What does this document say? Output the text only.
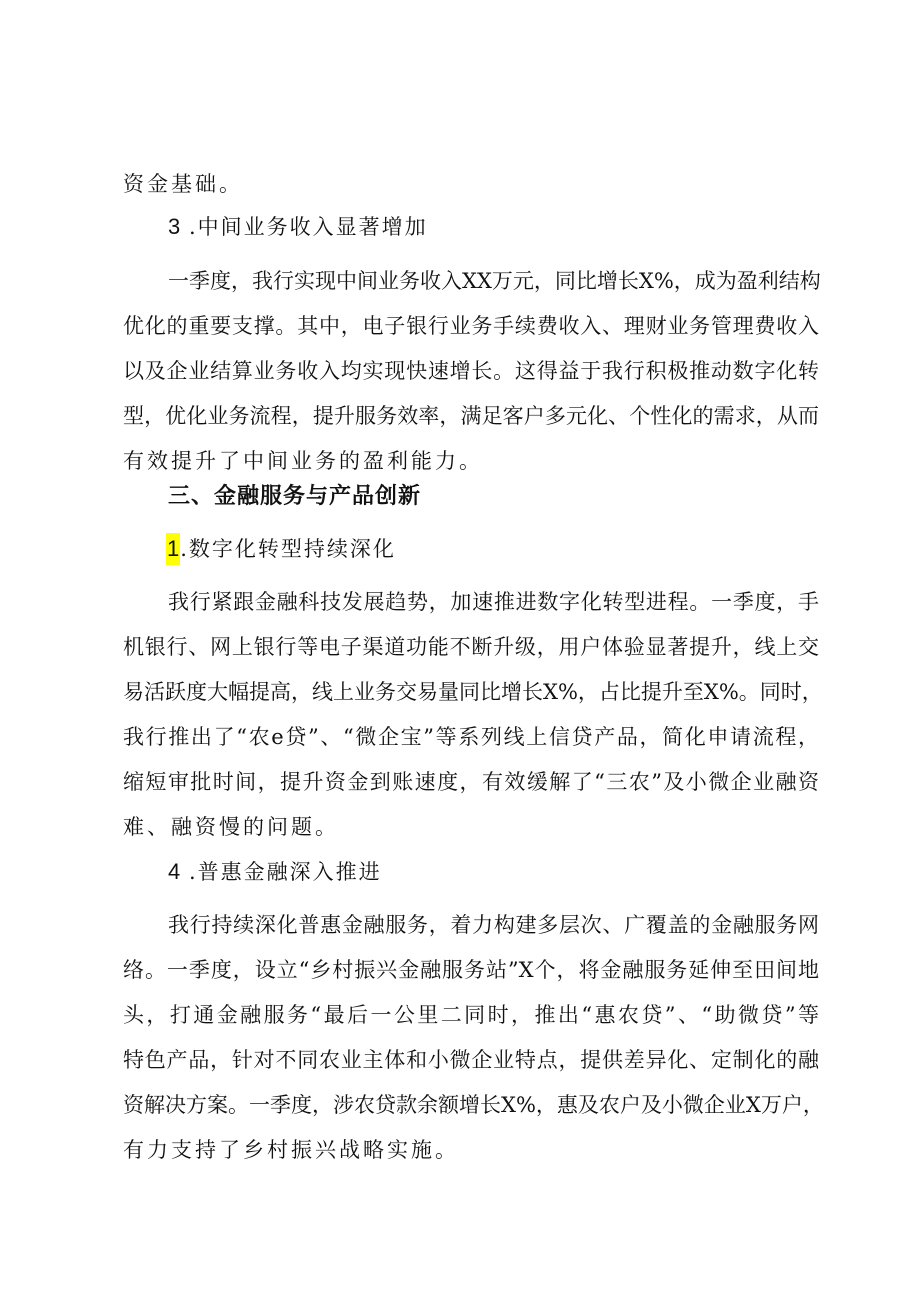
资金基础。
3 .中间业务收入显著增加
一季度，我行实现中间业务收入XX万元，同比增长X%，成为盈利结构
优化的重要支撑。其中，电子银行业务手续费收入、理财业务管理费收入
以及企业结算业务收入均实现快速增长。这得益于我行积极推动数字化转
型，优化业务流程，提升服务效率，满足客户多元化、个性化的需求，从而
有效提升了中间业务的盈利能力。
三、金融服务与产品创新
1.数字化转型持续深化
我行紧跟金融科技发展趋势，加速推进数字化转型进程。一季度，手
机银行、网上银行等电子渠道功能不断升级，用户体验显著提升，线上交
易活跃度大幅提高，线上业务交易量同比增长X%，占比提升至X%。同时，
我行推出了“农e贷”、“微企宝”等系列线上信贷产品，简化申请流程，
缩短审批时间，提升资金到账速度，有效缓解了“三农”及小微企业融资
难、融资慢的问题。
4 .普惠金融深入推进
我行持续深化普惠金融服务，着力构建多层次、广覆盖的金融服务网
络。一季度，设立“乡村振兴金融服务站”X个，将金融服务延伸至田间地
头，打通金融服务“最后一公里二同时，推出“惠农贷”、“助微贷”等
特色产品，针对不同农业主体和小微企业特点，提供差异化、定制化的融
资解决方案。一季度，涉农贷款余额增长X%，惠及农户及小微企业X万户，
有力支持了乡村振兴战略实施。
